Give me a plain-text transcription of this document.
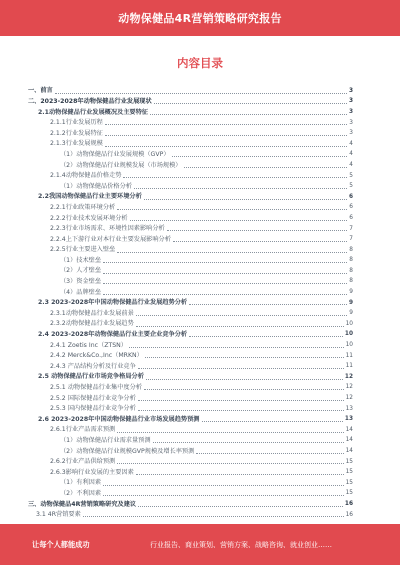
动物保健品4R营销策略研究报告
内容目录
一、前言	3
二、2023-2028年动物保健品行业发展现状	3
2.1动物保健品行业发展概况及主要特征	3
2.1.1行业发展历程	3
2.1.2行业发展特征	3
2.1.3行业发展规模	4
（1）动物保健品行业发展规模（GVP）	4
（2）动物保健品行业规模发展（市场规模）	4
2.1.4动物保健品价格走势	5
（1）动物保健品价格分析	5
2.2我国动物保健品行业主要环境分析	6
2.2.1行业政策环境分析	6
2.2.2行业技术发展环境分析	6
2.2.3行业市场需求、环境性因素影响分析	7
2.2.4上下游行业对本行业主要发展影响分析	7
2.2.5行业主要进入壁垒	8
（1）技术壁垒	8
（2）人才壁垒	8
（3）资金壁垒	8
（4）品牌壁垒	9
2.3 2023-2028年中国动物保健品行业发展趋势分析	9
2.3.1动物保健品行业发展前景	9
2.3.2动物保健品行业发展趋势	10
2.4 2023-2028年动物保健品行业主要企业竞争分析	10
2.4.1 Zoetis Inc（ZTSN）	10
2.4.2 Merck&Co.,Inc（MRKN）	11
2.4.3 产品结构分析及行业竞争	11
2.5 动物保健品行业市场竞争格局分析	12
2.5.1 动物保健品行业集中度分析	12
2.5.2 国际保健品行业竞争分析	12
2.5.3 国内保健品行业竞争分析	13
2.6 2023-2028年中国动物保健品行业市场发展趋势预测	13
2.6.1行业产品需求预测	14
（1）动物保健品行业需求量预测	14
（2）动物保健品行业规模GVP规模及增长率预测	14
2.6.2行业产品供给预测	15
2.6.3影响行业发展的主要因素	15
（1）有利因素	15
（2）不利因素	15
三、动物保健品4R营销策略研究及建议	16
3.1 4R营销要素	16
让每个人都能成功	行业报告、商业策划、营销方案、战略咨询、就业创业……
